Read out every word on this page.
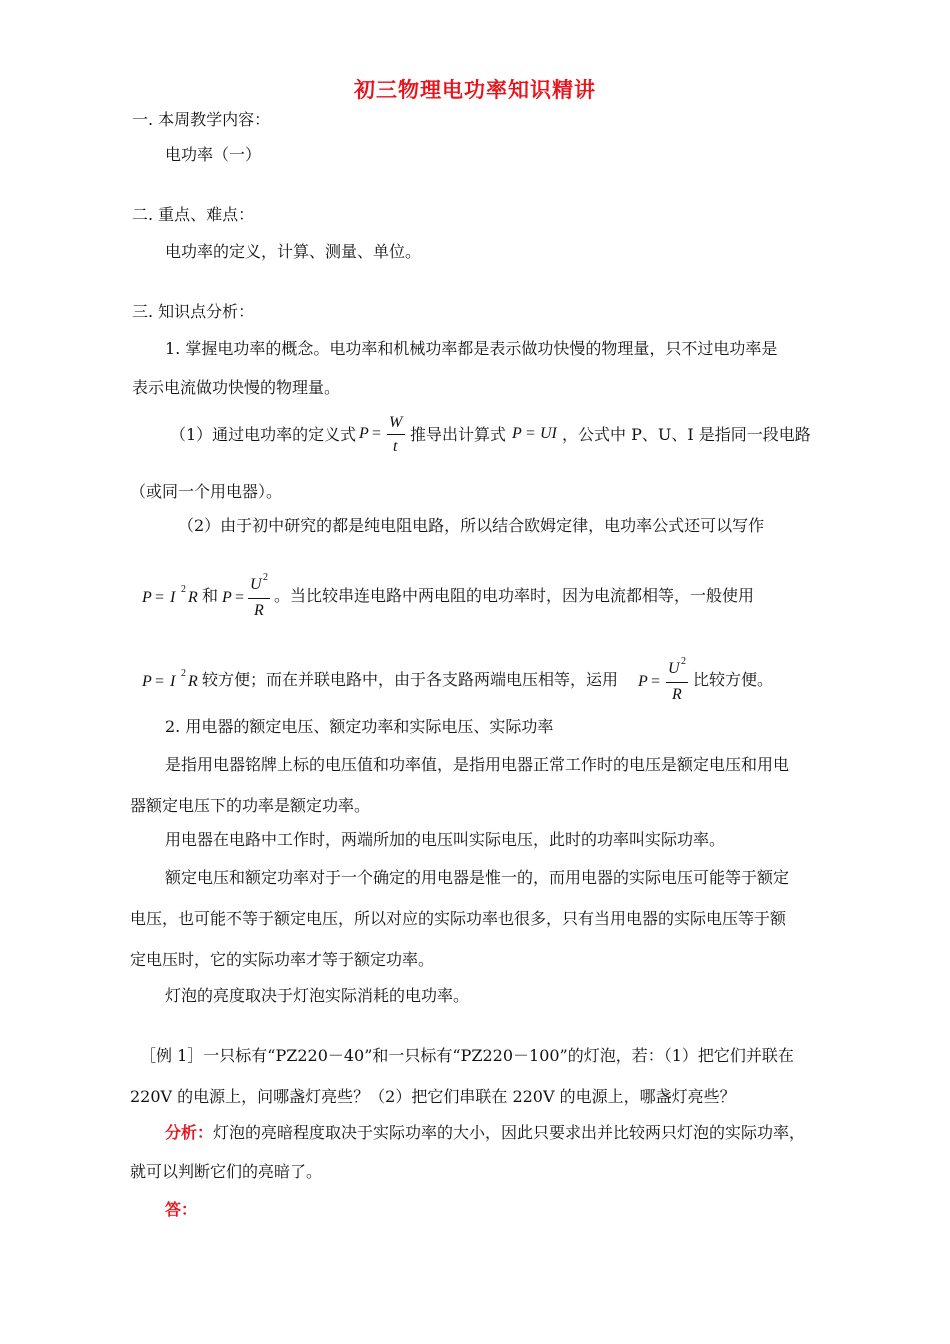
初三物理电功率知识精讲
一. 本周教学内容：
电功率（一）
二. 重点、难点：
电功率的定义，计算、测量、单位。
三. 知识点分析：
1. 掌握电功率的概念。电功率和机械功率都是表示做功快慢的物理量，只不过电功率是
表示电流做功快慢的物理量。
（1）通过电功率的定义式 P =
W
t
推导出计算式 P = UI ，公式中 P、U、I 是指同一段电路
（或同一个用电器）。
（2）由于初中研究的都是纯电阻电路，所以结合欧姆定律，电功率公式还可以写作
P = I 2 R 和 P =
U 2
R
。当比较串连电路中两电阻的电功率时，因为电流都相等，一般使用
P = I 2 R 较方便；而在并联电路中，由于各支路两端电压相等，运用 P =
U 2
R
比较方便。
2. 用电器的额定电压、额定功率和实际电压、实际功率
是指用电器铭牌上标的电压值和功率值，是指用电器正常工作时的电压是额定电压和用电
器额定电压下的功率是额定功率。
用电器在电路中工作时，两端所加的电压叫实际电压，此时的功率叫实际功率。
额定电压和额定功率对于一个确定的用电器是惟一的，而用电器的实际电压可能等于额定
电压，也可能不等于额定电压，所以对应的实际功率也很多，只有当用电器的实际电压等于额
定电压时，它的实际功率才等于额定功率。
灯泡的亮度取决于灯泡实际消耗的电功率。
［例 1］一只标有“PZ220－40”和一只标有“PZ220－100”的灯泡，若：（1）把它们并联在
220V 的电源上，问哪盏灯亮些？（2）把它们串联在 220V 的电源上，哪盏灯亮些？
分析：灯泡的亮暗程度取决于实际功率的大小，因此只要求出并比较两只灯泡的实际功率，
就可以判断它们的亮暗了。
答：
